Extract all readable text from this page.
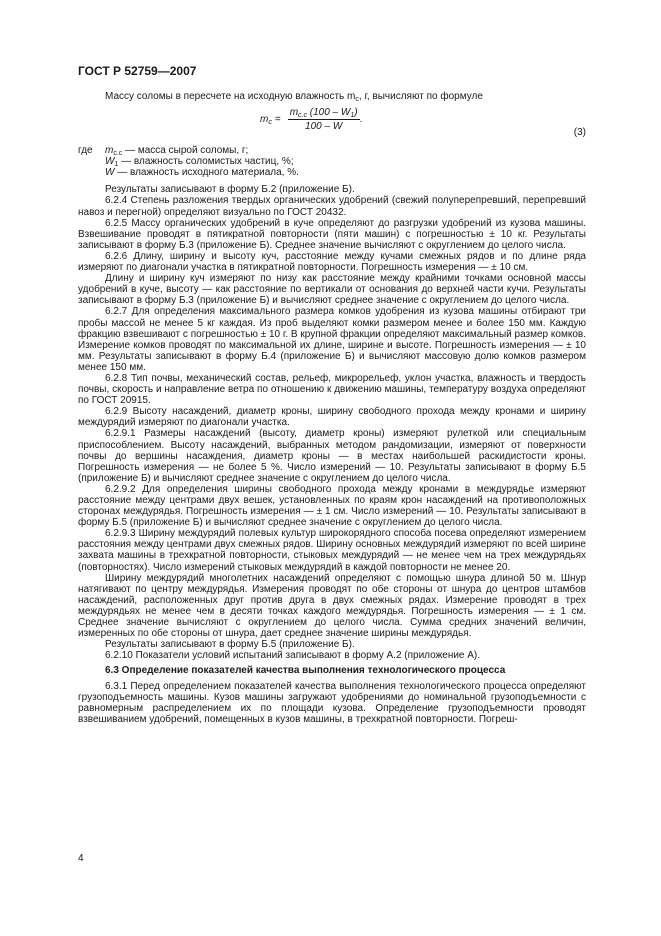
ГОСТ Р 52759—2007

Массу соломы в пересчете на исходную влажность $m_с$, г, вычисляют по формуле

$m_с = \frac{m_{с.с} (100 - W_1)}{100 - W}$ .
(3)
где	$m_{с.с}$ — масса сырой соломы, г;
$W_1$ — влажность соломистых частиц, %;
W — влажность исходного материала, %.

Результаты записывают в форму Б.2 (приложение Б).

6.2.4 Степень разложения твердых органических удобрений (свежий полуперепревший, перепревший навоз и перегной) определяют визуально по ГОСТ 20432.

6.2.5 Массу органических удобрений в куче определяют до разгрузки удобрений из кузова машины. Взвешивание проводят в пятикратной повторности (пяти машин) с погрешностью ± 10 кг. Результаты записывают в форму Б.3 (приложение Б). Среднее значение вычисляют с округлением до целого числа.

6.2.6 Длину, ширину и высоту куч, расстояние между кучами смежных рядов и по длине ряда измеряют по диагонали участка в пятикратной повторности. Погрешность измерения — ± 10 см.

Длину и ширину куч измеряют по низу как расстояние между крайними точками основной массы удобрений в куче, высоту — как расстояние по вертикали от основания до верхней части кучи. Результаты записывают в форму Б.3 (приложение Б) и вычисляют среднее значение с округлением до целого числа.

6.2.7 Для определения максимального размера комков удобрения из кузова машины отбирают три пробы массой не менее 5 кг каждая. Из проб выделяют комки размером менее и более 150 мм. Каждую фракцию взвешивают с погрешностью ± 10 г. В крупной фракции определяют максимальный размер комков. Измерение комков проводят по максимальной их длине, ширине и высоте. Погрешность измерения — ± 10 мм. Результаты записывают в форму Б.4 (приложение Б) и вычисляют массовую долю комков размером менее 150 мм.

6.2.8 Тип почвы, механический состав, рельеф, микрорельеф, уклон участка, влажность и твердость почвы, скорость и направление ветра по отношению к движению машины, температуру воздуха определяют по ГОСТ 20915.

6.2.9 Высоту насаждений, диаметр кроны, ширину свободного прохода между кронами и ширину междурядий измеряют по диагонали участка.

6.2.9.1 Размеры насаждений (высоту, диаметр кроны) измеряют рулеткой или специальным приспособлением. Высоту насаждений, выбранных методом рандомизации, измеряют от поверхности почвы до вершины насаждения, диаметр кроны — в местах наибольшей раскидистости кроны. Погрешность измерения — не более 5 %. Число измерений — 10. Результаты записывают в форму Б.5 (приложение Б) и вычисляют среднее значение с округлением до целого числа.

6.2.9.2 Для определения ширины свободного прохода между кронами в междурядье измеряют расстояние между центрами двух вешек, установленных по краям крон насаждений на противоположных сторонах междурядья. Погрешность измерения — ± 1 см. Число измерений — 10. Результаты записывают в форму Б.5 (приложение Б) и вычисляют среднее значение с округлением до целого числа.

6.2.9.3 Ширину междурядий полевых культур широкорядного способа посева определяют измерением расстояния между центрами двух смежных рядов. Ширину основных междурядий измеряют по всей ширине захвата машины в трехкратной повторности, стыковых междурядий — не менее чем на трех междурядьях (повторностях). Число измерений стыковых междурядий в каждой повторности не менее 20.

Ширину междурядий многолетних насаждений определяют с помощью шнура длиной 50 м. Шнур натягивают по центру междурядья. Измерения проводят по обе стороны от шнура до центров штамбов насаждений, расположенных друг против друга в двух смежных рядах. Измерение проводят в трех междурядьях не менее чем в десяти точках каждого междурядья. Погрешность измерения — ± 1 см. Среднее значение вычисляют с округлением до целого числа. Сумма средних значений величин, измеренных по обе стороны от шнура, дает среднее значение ширины междурядья.

Результаты записывают в форму Б.5 (приложение Б).

6.2.10 Показатели условий испытаний записывают в форму А.2 (приложение А).

6.3 Определение показателей качества выполнения технологического процесса

6.3.1 Перед определением показателей качества выполнения технологического процесса определяют грузоподъемность машины. Кузов машины загружают удобрениями до номинальной грузоподъемности с равномерным распределением их по площади кузова. Определение грузоподъемности проводят взвешиванием удобрений, помещенных в кузов машины, в трехкратной повторности. Погреш-

4
